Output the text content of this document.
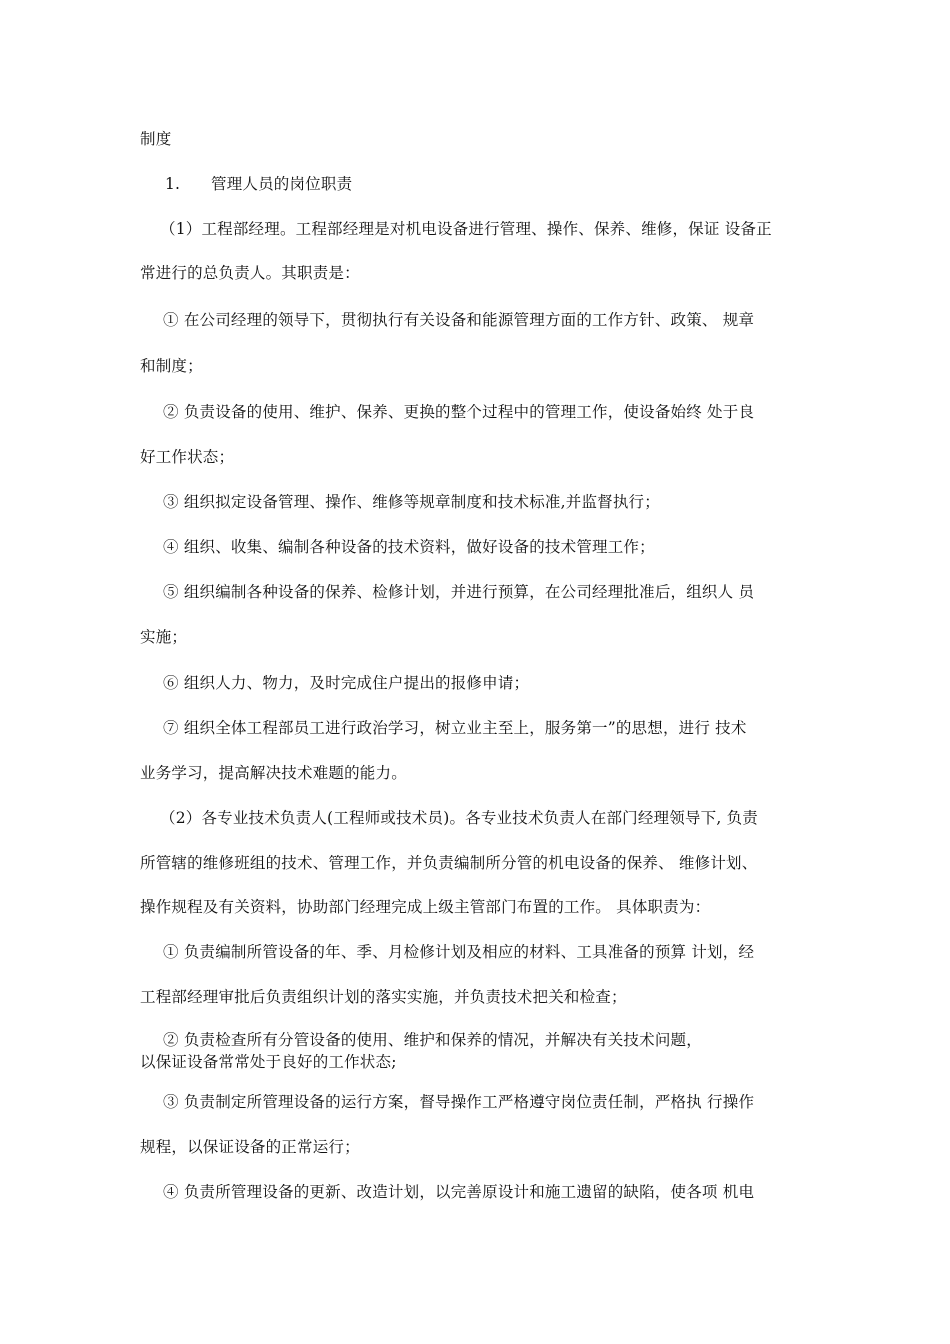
制度
1. 管理人员的岗位职责
（1）工程部经理。工程部经理是对机电设备进行管理、操作、保养、维修，保证 设备正
常进行的总负责人。其职责是：
① 在公司经理的领导下，贯彻执行有关设备和能源管理方面的工作方针、政策、 规章
和制度；
② 负责设备的使用、维护、保养、更换的整个过程中的管理工作，使设备始终 处于良
好工作状态；
③ 组织拟定设备管理、操作、维修等规章制度和技术标准,并监督执行；
④ 组织、收集、编制各种设备的技术资料，做好设备的技术管理工作；
⑤ 组织编制各种设备的保养、检修计划，并进行预算，在公司经理批准后，组织人 员
实施；
⑥ 组织人力、物力，及时完成住户提出的报修申请；
⑦ 组织全体工程部员工进行政治学习，树立业主至上，服务第一”的思想，进行 技术
业务学习，提高解决技术难题的能力。
（2）各专业技术负责人(工程师或技术员)。各专业技术负责人在部门经理领导下, 负责
所管辖的维修班组的技术、管理工作，并负责编制所分管的机电设备的保养、 维修计划、
操作规程及有关资料，协助部门经理完成上级主管部门布置的工作。 具体职责为：
① 负责编制所管设备的年、季、月检修计划及相应的材料、工具准备的预算 计划，经
工程部经理审批后负责组织计划的落实实施，并负责技术把关和检查；
② 负责检查所有分管设备的使用、维护和保养的情况，并解决有关技术问题，
以保证设备常常处于良好的工作状态;
③ 负责制定所管理设备的运行方案，督导操作工严格遵守岗位责任制，严格执 行操作
规程，以保证设备的正常运行；
④ 负责所管理设备的更新、改造计划，以完善原设计和施工遗留的缺陷，使各项 机电
